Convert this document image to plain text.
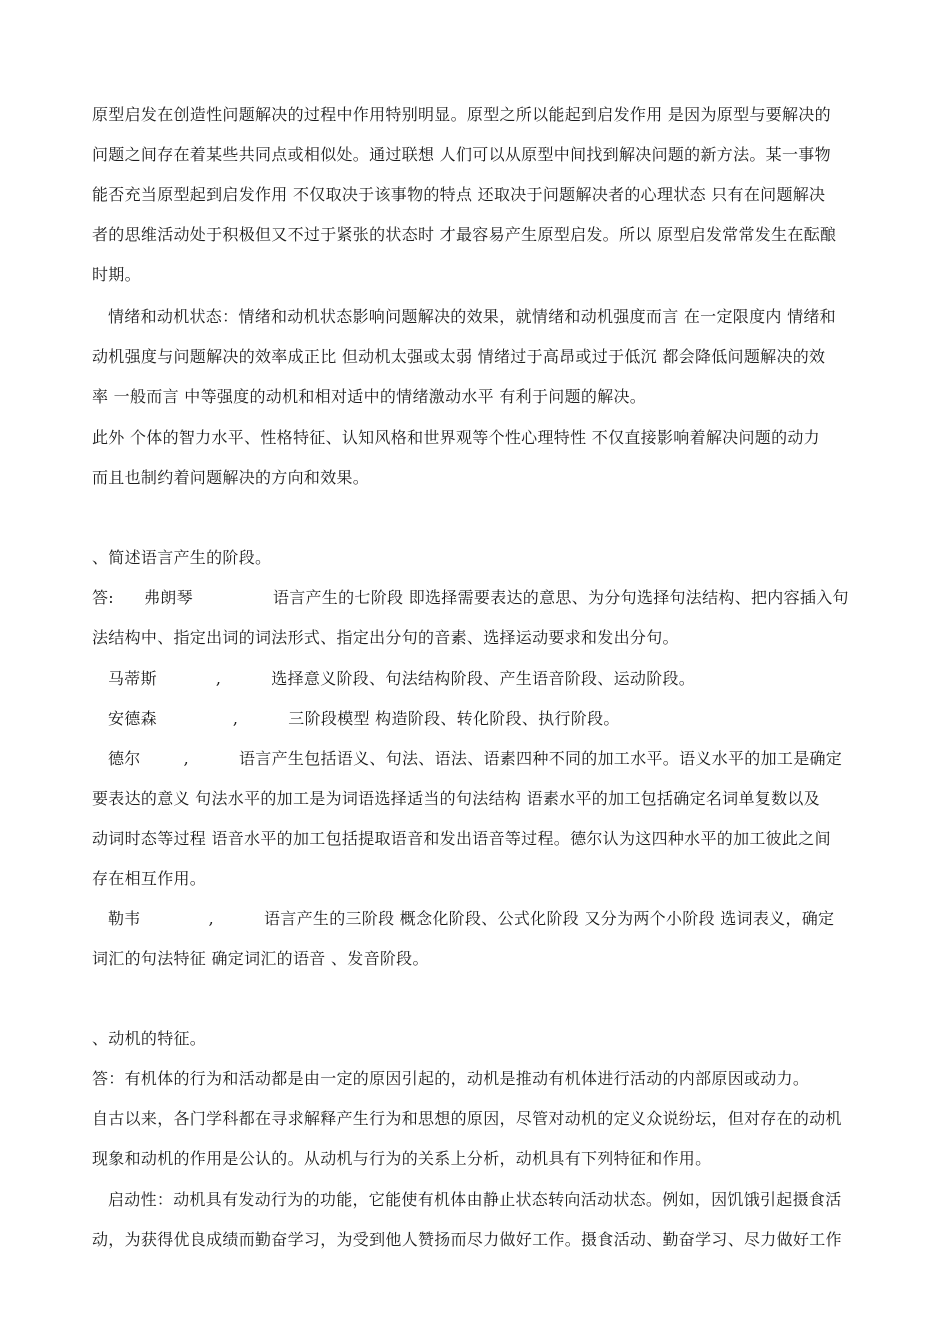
原型启发在创造性问题解决的过程中作用特别明显。原型之所以能起到启发作用 是因为原型与要解决的
问题之间存在着某些共同点或相似处。通过联想 人们可以从原型中间找到解决问题的新方法。某一事物
能否充当原型起到启发作用 不仅取决于该事物的特点 还取决于问题解决者的心理状态 只有在问题解决
者的思维活动处于积极但又不过于紧张的状态时 才最容易产生原型启发。所以 原型启发常常发生在酝酿
时期。
情绪和动机状态：情绪和动机状态影响问题解决的效果，就情绪和动机强度而言 在一定限度内 情绪和
动机强度与问题解决的效率成正比 但动机太强或太弱 情绪过于高昂或过于低沉 都会降低问题解决的效
率 一般而言 中等强度的动机和相对适中的情绪激动水平 有利于问题的解决。
此外 个体的智力水平、性格特征、认知风格和世界观等个性心理特性 不仅直接影响着解决问题的动力
而且也制约着问题解决的方向和效果。
、简述语言产生的阶段。
答: 弗朗琴	语言产生的七阶段 即选择需要表达的意思、为分句选择句法结构、把内容插入句
法结构中、指定出词的词法形式、指定出分句的音素、选择运动要求和发出分句。
马蒂斯	,	选择意义阶段、句法结构阶段、产生语音阶段、运动阶段。
安德森	,	三阶段模型 构造阶段、转化阶段、执行阶段。
德尔	,	语言产生包括语义、句法、语法、语素四种不同的加工水平。语义水平的加工是确定
要表达的意义 句法水平的加工是为词语选择适当的句法结构 语素水平的加工包括确定名词单复数以及
动词时态等过程 语音水平的加工包括提取语音和发出语音等过程。德尔认为这四种水平的加工彼此之间
存在相互作用。
勒韦	,	语言产生的三阶段 概念化阶段、公式化阶段 又分为两个小阶段 选词表义，确定
词汇的句法特征 确定词汇的语音 、发音阶段。
、动机的特征。
答：有机体的行为和活动都是由一定的原因引起的，动机是推动有机体进行活动的内部原因或动力。
自古以来，各门学科都在寻求解释产生行为和思想的原因，尽管对动机的定义众说纷坛，但对存在的动机
现象和动机的作用是公认的。从动机与行为的关系上分析，动机具有下列特征和作用。
启动性：动机具有发动行为的功能，它能使有机体由静止状态转向活动状态。例如，因饥饿引起摄食活
动，为获得优良成绩而勤奋学习，为受到他人赞扬而尽力做好工作。摄食活动、勤奋学习、尽力做好工作
